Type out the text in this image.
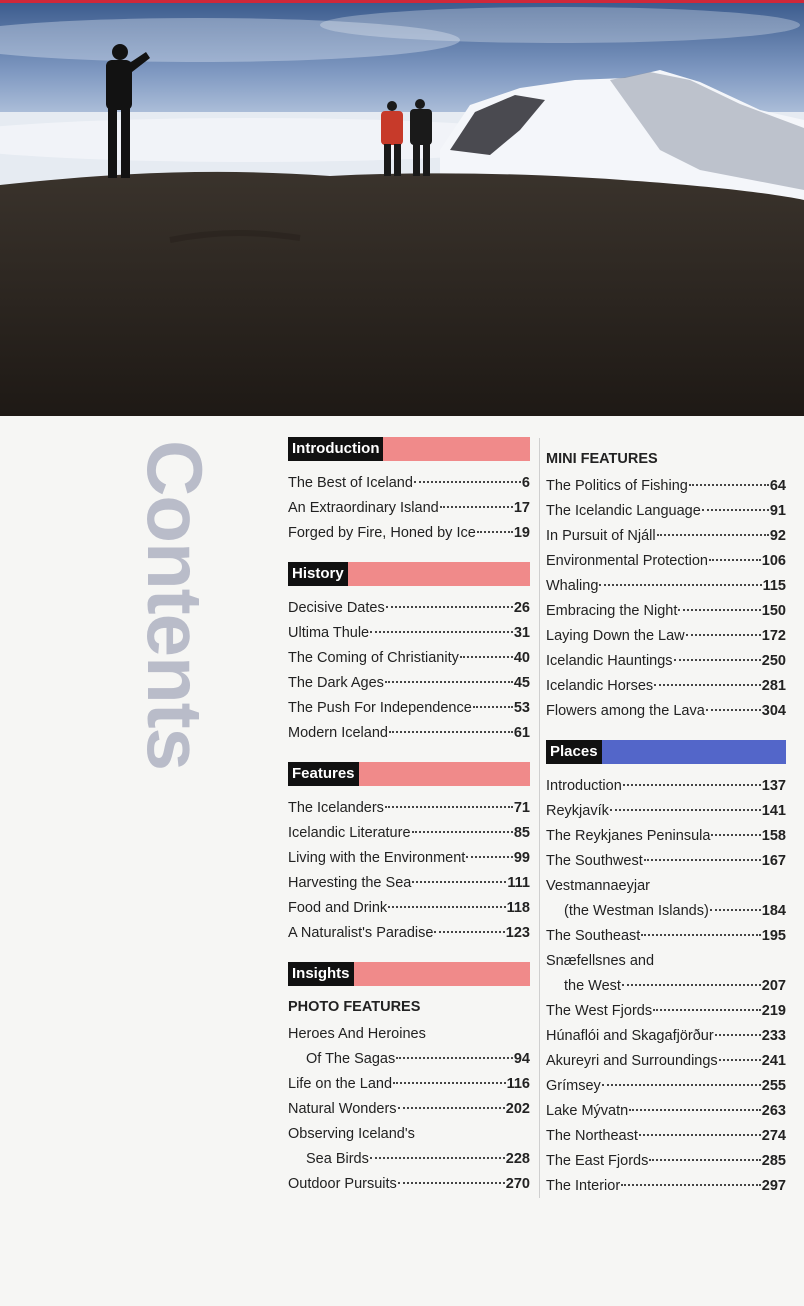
Contents	Introduction
The Best of Iceland	6
An Extraordinary Island	17
Forged by Fire, Honed by Ice	19
History
Decisive Dates	26
Ultima Thule	31
The Coming of Christianity	40
The Dark Ages	45
The Push For Independence	53
Modern Iceland	61
Features
The Icelanders	71
Icelandic Literature	85
Living with the Environment	99
Harvesting the Sea	111
Food and Drink	118
A Naturalist's Paradise	123
Insights
PHOTO FEATURES
Heroes And Heroines
Of The Sagas	94
Life on the Land	116
Natural Wonders	202
Observing Iceland's
Sea Birds	228
Outdoor Pursuits	270
MINI FEATURES
The Politics of Fishing	64
The Icelandic Language	91
In Pursuit of Njáll	92
Environmental Protection	106
Whaling	115
Embracing the Night	150
Laying Down the Law	172
Icelandic Hauntings	250
Icelandic Horses	281
Flowers among the Lava	304
Places
Introduction	137
Reykjavík	141
The Reykjanes Peninsula	158
The Southwest	167
Vestmannaeyjar
(the Westman Islands)	184
The Southeast	195
Snæfellsnes and
the West	207
The West Fjords	219
Húnaflói and Skagafjörður	233
Akureyri and Surroundings	241
Grímsey	255
Lake Mývatn	263
The Northeast	274
The East Fjords	285
The Interior	297
